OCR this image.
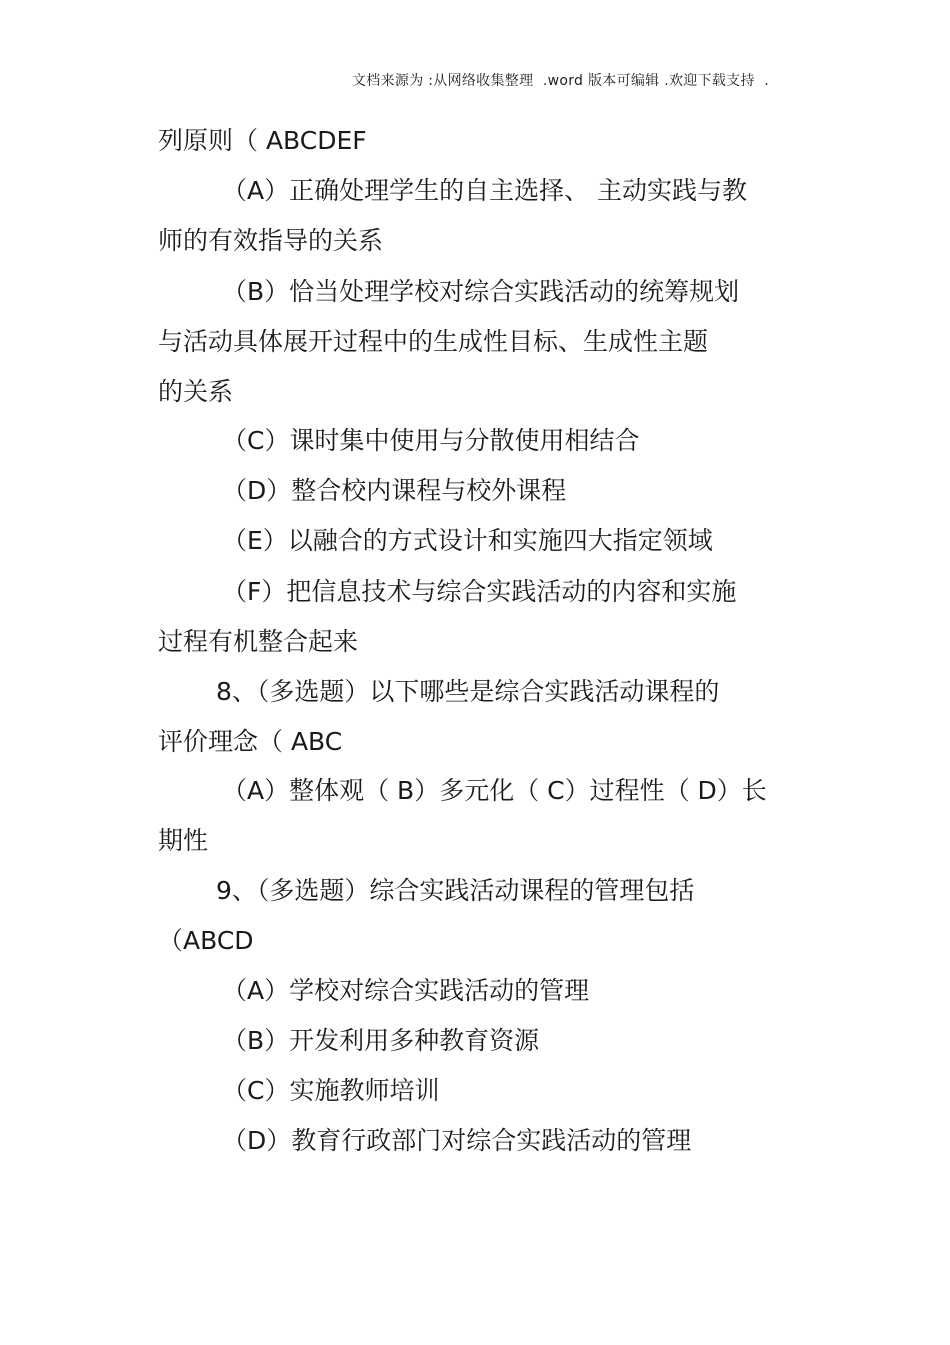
文档来源为 :从网络收集整理  .word 版本可编辑 .欢迎下载支持  .
列原则（ ABCDEF
（A）正确处理学生的自主选择、 主动实践与教
师的有效指导的关系
（B）恰当处理学校对综合实践活动的统筹规划
与活动具体展开过程中的生成性目标、生成性主题
的关系
（C）课时集中使用与分散使用相结合
（D）整合校内课程与校外课程
（E）以融合的方式设计和实施四大指定领域
（F）把信息技术与综合实践活动的内容和实施
过程有机整合起来
8、（多选题）以下哪些是综合实践活动课程的
评价理念（ ABC
（A）整体观（ B）多元化（ C）过程性（ D）长
期性
9、（多选题）综合实践活动课程的管理包括
（ABCD
（A）学校对综合实践活动的管理
（B）开发利用多种教育资源
（C）实施教师培训
（D）教育行政部门对综合实践活动的管理
